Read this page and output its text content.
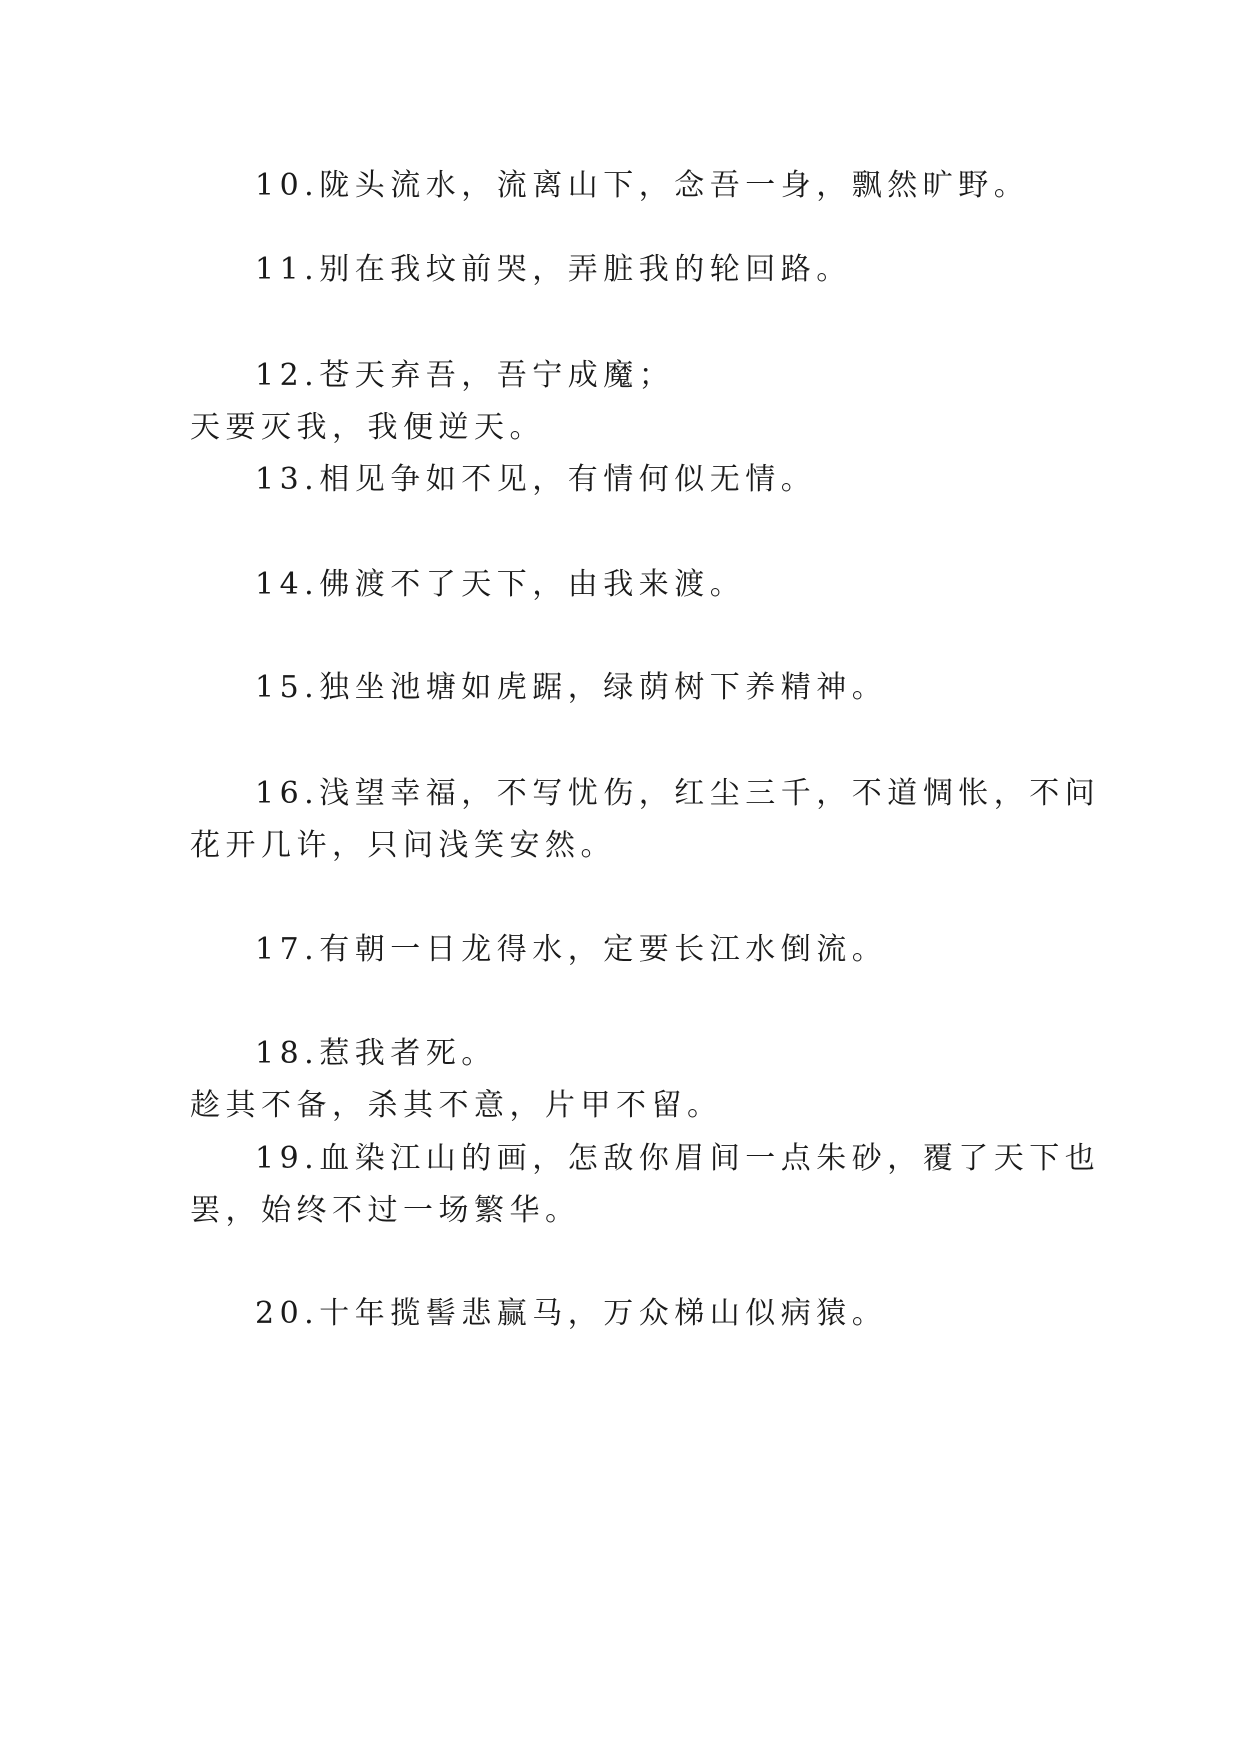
10.陇头流水，流离山下，念吾一身，飘然旷野。
11.别在我坟前哭，弄脏我的轮回路。
12.苍天弃吾，吾宁成魔；
天要灭我，我便逆天。
13.相见争如不见，有情何似无情。
14.佛渡不了天下，由我来渡。
15.独坐池塘如虎踞，绿荫树下养精神。
16.浅望幸福，不写忧伤，红尘三千，不道惆怅，不问
花开几许，只问浅笑安然。
17.有朝一日龙得水，定要长江水倒流。
18.惹我者死。
趁其不备，杀其不意，片甲不留。
19.血染江山的画，怎敌你眉间一点朱砂，覆了天下也
罢，始终不过一场繁华。
20.十年揽髻悲赢马，万众梯山似病猿。
